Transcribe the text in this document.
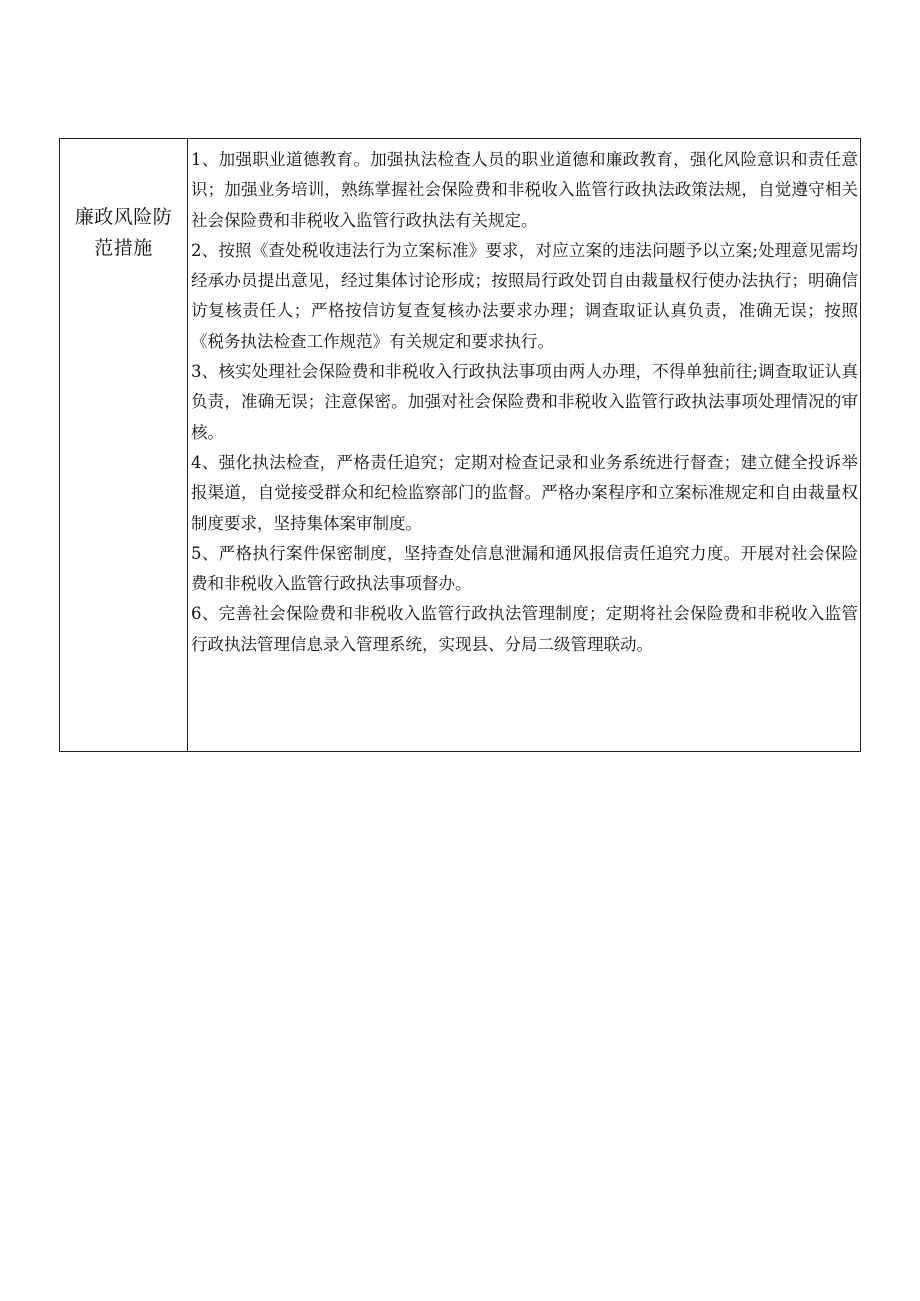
廉政风险防范措施

1、加强职业道德教育。加强执法检查人员的职业道德和廉政教育，强化风险意识和责任意识；加强业务培训，熟练掌握社会保险费和非税收入监管行政执法政策法规，自觉遵守相关社会保险费和非税收入监管行政执法有关规定。

2、按照《查处税收违法行为立案标准》要求，对应立案的违法问题予以立案;处理意见需均经承办员提出意见，经过集体讨论形成；按照局行政处罚自由裁量权行使办法执行；明确信访复核责任人；严格按信访复查复核办法要求办理；调查取证认真负责，准确无误；按照《税务执法检查工作规范》有关规定和要求执行。

3、核实处理社会保险费和非税收入行政执法事项由两人办理，不得单独前往;调查取证认真负责，准确无误；注意保密。加强对社会保险费和非税收入监管行政执法事项处理情况的审核。

4、强化执法检查，严格责任追究；定期对检查记录和业务系统进行督查；建立健全投诉举报渠道，自觉接受群众和纪检监察部门的监督。严格办案程序和立案标准规定和自由裁量权制度要求，坚持集体案审制度。

5、严格执行案件保密制度，坚持查处信息泄漏和通风报信责任追究力度。开展对社会保险费和非税收入监管行政执法事项督办。

6、完善社会保险费和非税收入监管行政执法管理制度；定期将社会保险费和非税收入监管行政执法管理信息录入管理系统，实现县、分局二级管理联动。
